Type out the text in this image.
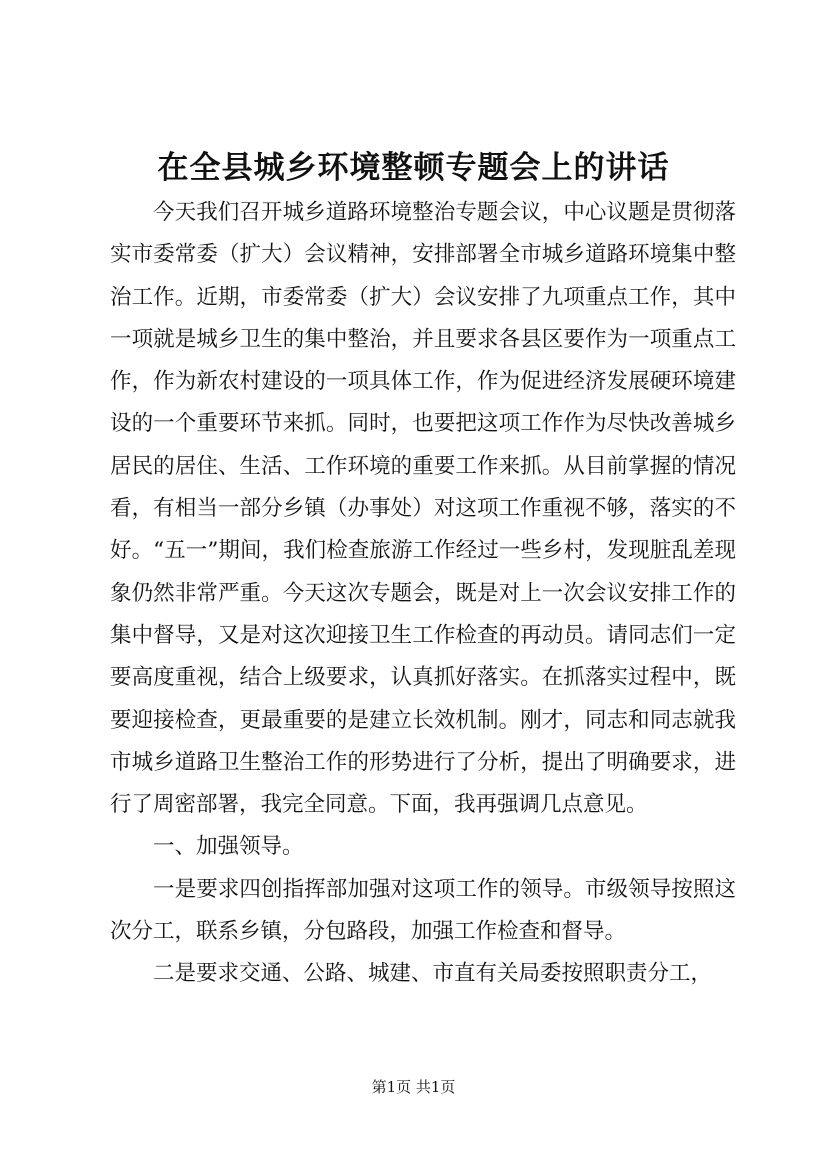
在全县城乡环境整顿专题会上的讲话

今天我们召开城乡道路环境整治专题会议，中心议题是贯彻落实市委常委（扩大）会议精神，安排部署全市城乡道路环境集中整治工作。近期，市委常委（扩大）会议安排了九项重点工作，其中一项就是城乡卫生的集中整治，并且要求各县区要作为一项重点工作，作为新农村建设的一项具体工作，作为促进经济发展硬环境建设的一个重要环节来抓。同时，也要把这项工作作为尽快改善城乡居民的居住、生活、工作环境的重要工作来抓。从目前掌握的情况看，有相当一部分乡镇（办事处）对这项工作重视不够，落实的不好。“五一”期间，我们检查旅游工作经过一些乡村，发现脏乱差现象仍然非常严重。今天这次专题会，既是对上一次会议安排工作的集中督导，又是对这次迎接卫生工作检查的再动员。请同志们一定要高度重视，结合上级要求，认真抓好落实。在抓落实过程中，既要迎接检查，更最重要的是建立长效机制。刚才，同志和同志就我市城乡道路卫生整治工作的形势进行了分析，提出了明确要求，进行了周密部署，我完全同意。下面，我再强调几点意见。

一、加强领导。

一是要求四创指挥部加强对这项工作的领导。市级领导按照这次分工，联系乡镇，分包路段，加强工作检查和督导。

二是要求交通、公路、城建、市直有关局委按照职责分工，

第1页 共1页
